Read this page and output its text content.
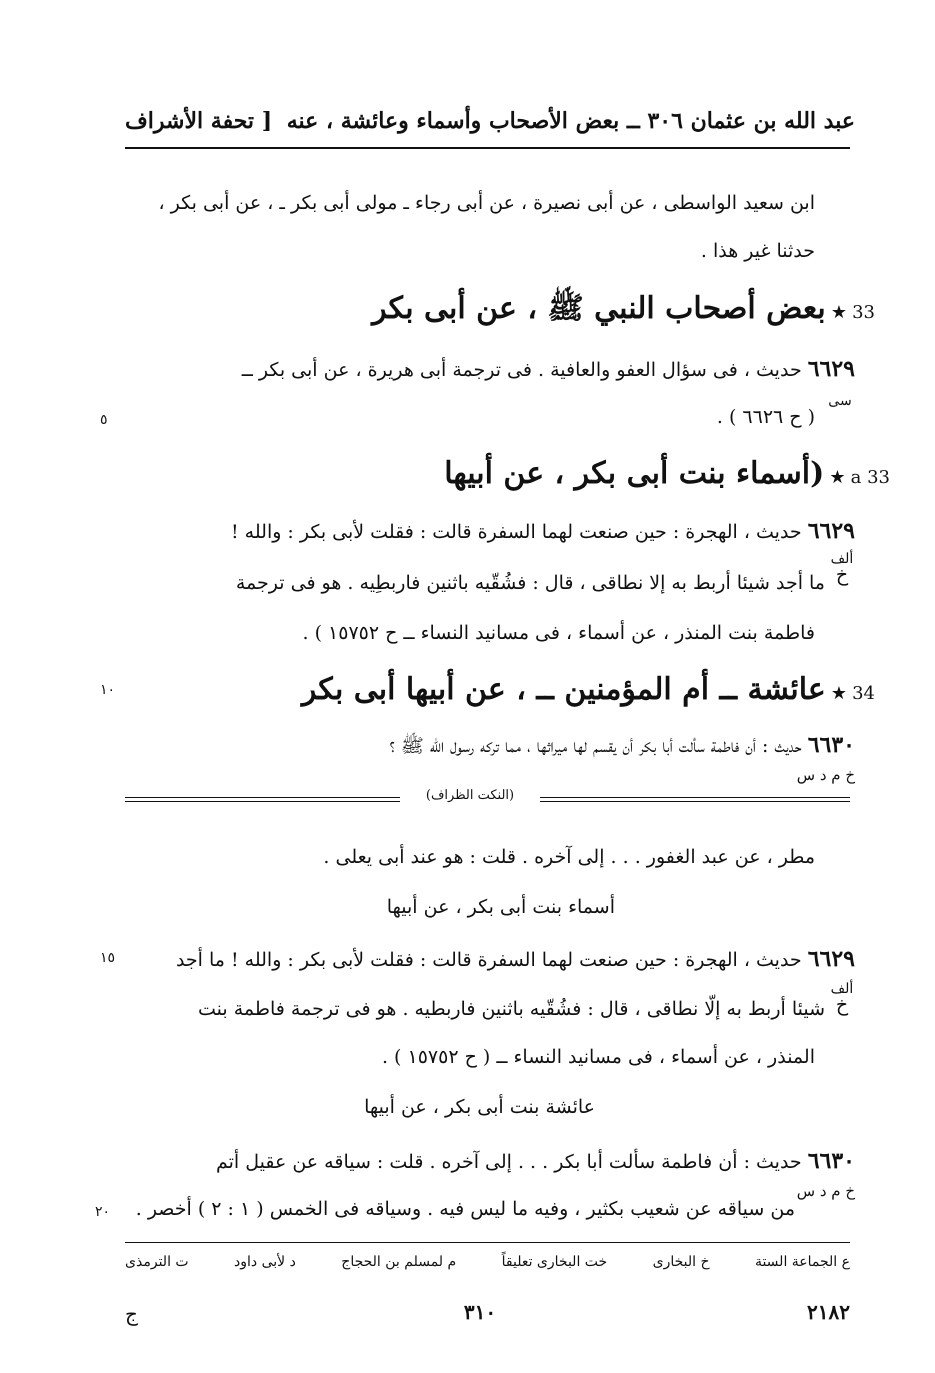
عبد الله بن عثمان ٣٠٦ ــ بعض الأصحاب وأسماء وعائشة ، عنه
[ تحفة الأشراف
ابن سعيد الواسطى ، عن أبى نصيرة ، عن أبى رجاء ـ مولى أبى بكر ـ ، عن أبى بكر ،
حدثنا غير هذا .
33 ★ بعض أصحاب النبي ﷺ ، عن أبى بكر
٦٦٢٩ حديث ، فى سؤال العفو والعافية . فى ترجمة أبى هريرة ، عن أبى بكر ــ
سى
( ح ٦٦٢٦ ) .
٥
33 a ★ (أسماء بنت أبى بكر ، عن أبيها
٦٦٢٩ حديث ، الهجرة : حين صنعت لهما السفرة قالت : فقلت لأبى بكر : والله !
ألف
خ
ما أجد شيئا أربط به إلا نطاقى ، قال : فشُقّيه باثنين فاربطِيه . هو فى ترجمة
فاطمة بنت المنذر ، عن أسماء ، فى مسانيد النساء ــ ح ١٥٧٥٢ ) .
34 ★ عائشة ــ أم المؤمنين ــ ، عن أبيها أبى بكر
١٠
٦٦٣٠ حديث : أن فاطمة سألت أبا بكر أن يقسم لها ميراثها ، مما تركه رسول الله ﷺ ؟
خ م د س
(النكت الظراف)
مطر ، عن عبد الغفور . . . إلى آخره . قلت : هو عند أبى يعلى .
أسماء بنت أبى بكر ، عن أبيها
٦٦٢٩ حديث ، الهجرة : حين صنعت لهما السفرة قالت : فقلت لأبى بكر : والله ! ما أجد
١٥
ألف
خ
شيئا أربط به إلّا نطاقى ، قال : فشُقّيه باثنين فاربطيه . هو فى ترجمة فاطمة بنت
المنذر ، عن أسماء ، فى مسانيد النساء ــ ( ح ١٥٧٥٢ ) .
عائشة بنت أبى بكر ، عن أبيها
٦٦٣٠ حديث : أن فاطمة سألت أبا بكر . . . إلى آخره . قلت : سياقه عن عقيل أتم
خ م د س
من سياقه عن شعيب بكثير ، وفيه ما ليس فيه . وسياقه فى الخمس ( ١ : ٢ ) أخصر .
٢٠
ع الجماعة الستة
خ البخارى
خت البخارى تعليقاً
م لمسلم بن الحجاج
د لأبى داود
ت الترمذى
ج	٣١٠	٢١٨٢
